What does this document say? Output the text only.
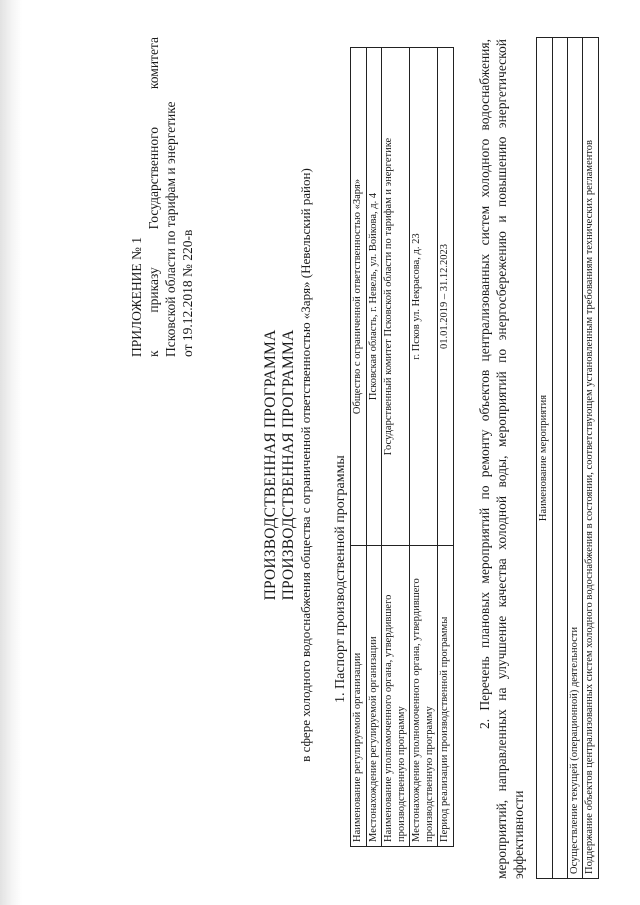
ПРИЛОЖЕНИЕ № 1 к
приказу
Государственного
комитета
Псковской области по тарифам и энергетике от 19.12.2018 № 220-в
ПРОИЗВОДСТВЕННАЯ ПРОГРАММА ПРОИЗВОДСТВЕННАЯ ПРОГРАММА в сфере холодного водоснабжения общества с ограниченной ответственностью «Заря» (Невельский район) 1. Паспорт производственной программы
Наименование регулируемой организации	Общество с ограниченной ответственностью «Заря»
Местонахождение регулируемой организации	Псковская область, г. Невель, ул. Войкова, д. 4
Наименование уполномоченного органа, утвердившего производственную программу	Государственный комитет Псковской области по тарифам и энергетике
Местонахождение уполномоченного органа, утвердившего производственную программу	г. Псков ул. Некрасова, д. 23
Период реализации производственной программы	01.01.2019 – 31.12.2023 2. Перечень плановых мероприятий по ремонту объектов централизованных систем холодного водоснабжения, мероприятий, направленных на улучшение качества холодной воды, мероприятий по энергосбережению и повышению энергетической эффективности
Наименование мероприятия

Осуществление текущей (операционной) деятельности
Поддержание объектов централизованных систем холодного водоснабжения в состоянии, соответствующем установленным требованиям технических регламентов
